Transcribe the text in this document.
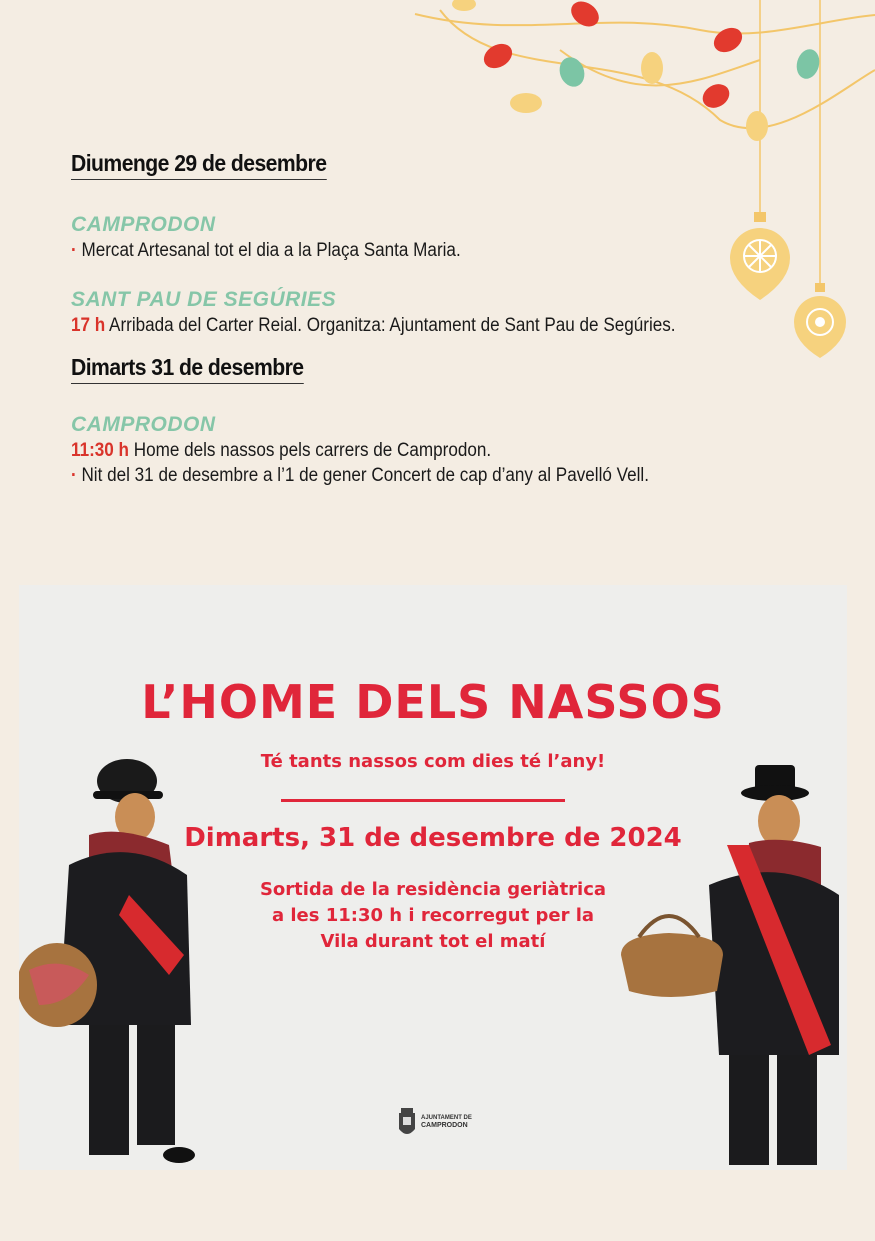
Diumenge 29 de desembre

CAMPRODON

· Mercat Artesanal tot el dia a la Plaça Santa Maria.

SANT PAU DE SEGÚRIES

17 h Arribada del Carter Reial. Organitza: Ajuntament de Sant Pau de Segúries.

Dimarts 31 de desembre

CAMPRODON

11:30 h Home dels nassos pels carrers de Camprodon.

· Nit del 31 de desembre a l’1 de gener Concert de cap d’any al Pavelló Vell.

L’HOME DELS NASSOS

Té tants nassos com dies té l’any!

Dimarts, 31 de desembre de 2024

Sortida de la residència geriàtrica
a les 11:30 h i recorregut per la
Vila durant tot el matí

AJUNTAMENT DE
CAMPRODON
